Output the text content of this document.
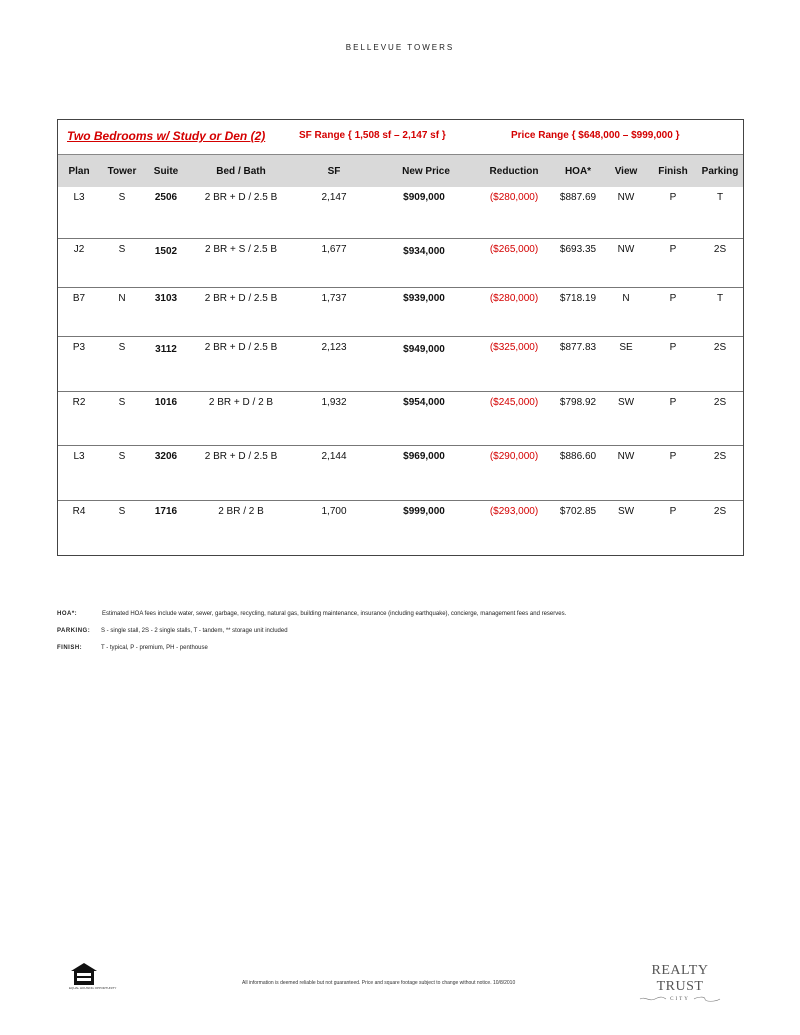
BELLEVUE TOWERS
Two Bedrooms w/ Study or Den (2)	SF Range { 1,508 sf – 2,147 sf }	Price Range { $648,000 – $999,000 }
Plan Tower Suite	Bed / Bath	SF	New Price	Reduction	HOA* View Finish Parking
L3	S	2506	2 BR + D / 2.5 B	2,147	$909,000	($280,000) $887.69 NW	P	T
J2	S	1502	2 BR + S / 2.5 B	1,677	$934,000	($265,000) $693.35 NW	P	2S
B7	N	3103	2 BR + D / 2.5 B	1,737	$939,000	($280,000) $718.19	N	P	T
P3	S	3112	2 BR + D / 2.5 B	2,123	$949,000	($325,000) $877.83 SE	P	2S
R2	S	1016	2 BR + D / 2 B	1,932	$954,000	($245,000) $798.92 SW	P	2S
L3	S	3206	2 BR + D / 2.5 B	2,144	$969,000	($290,000) $886.60 NW	P	2S
R4	S	1716	2 BR / 2 B	1,700	$999,000	($293,000) $702.85 SW	P	2S
HOA*:	Estimated HOA fees include water, sewer, garbage, recycling, natural gas, building maintenance, insurance (including earthquake), concierge, management fees and reserves.
PARKING: S - single stall, 2S - 2 single stalls, T - tandem, ** storage unit included
FINISH:	T - typical, P - premium, PH - penthouse
EQUAL HOUSING OPPORTUNITY
All information is deemed reliable but not guaranteed. Price and square footage subject to change without notice. 10/8/2010
REALTY TRUST
CITY
